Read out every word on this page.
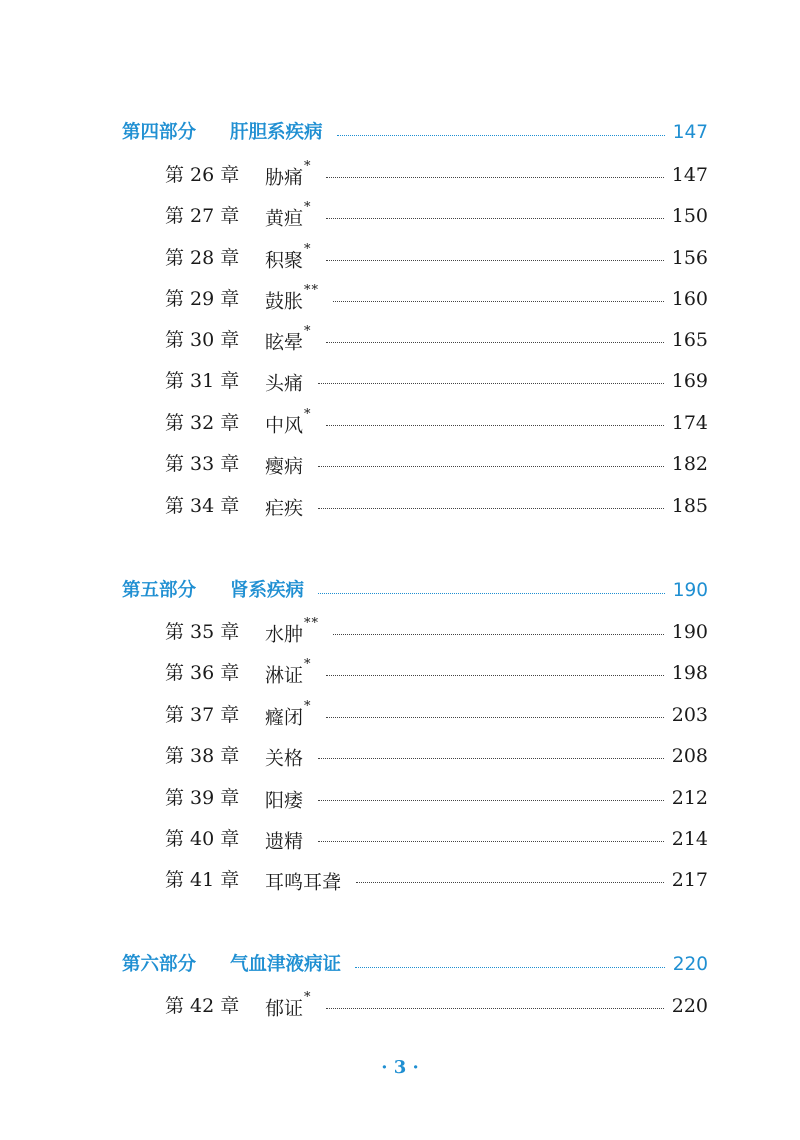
第四部分	肝胆系疾病	147
第 26 章	胁痛*	147
第 27 章	黄疸*	150
第 28 章	积聚*	156
第 29 章	鼓胀**	160
第 30 章	眩晕*	165
第 31 章	头痛	169
第 32 章	中风*	174
第 33 章	瘿病	182
第 34 章	疟疾	185
第五部分	肾系疾病	190
第 35 章	水肿**	190
第 36 章	淋证*	198
第 37 章	癃闭*	203
第 38 章	关格	208
第 39 章	阳痿	212
第 40 章	遗精	214
第 41 章	耳鸣耳聋	217
第六部分	气血津液病证	220
第 42 章	郁证*	220
· 3 ·
